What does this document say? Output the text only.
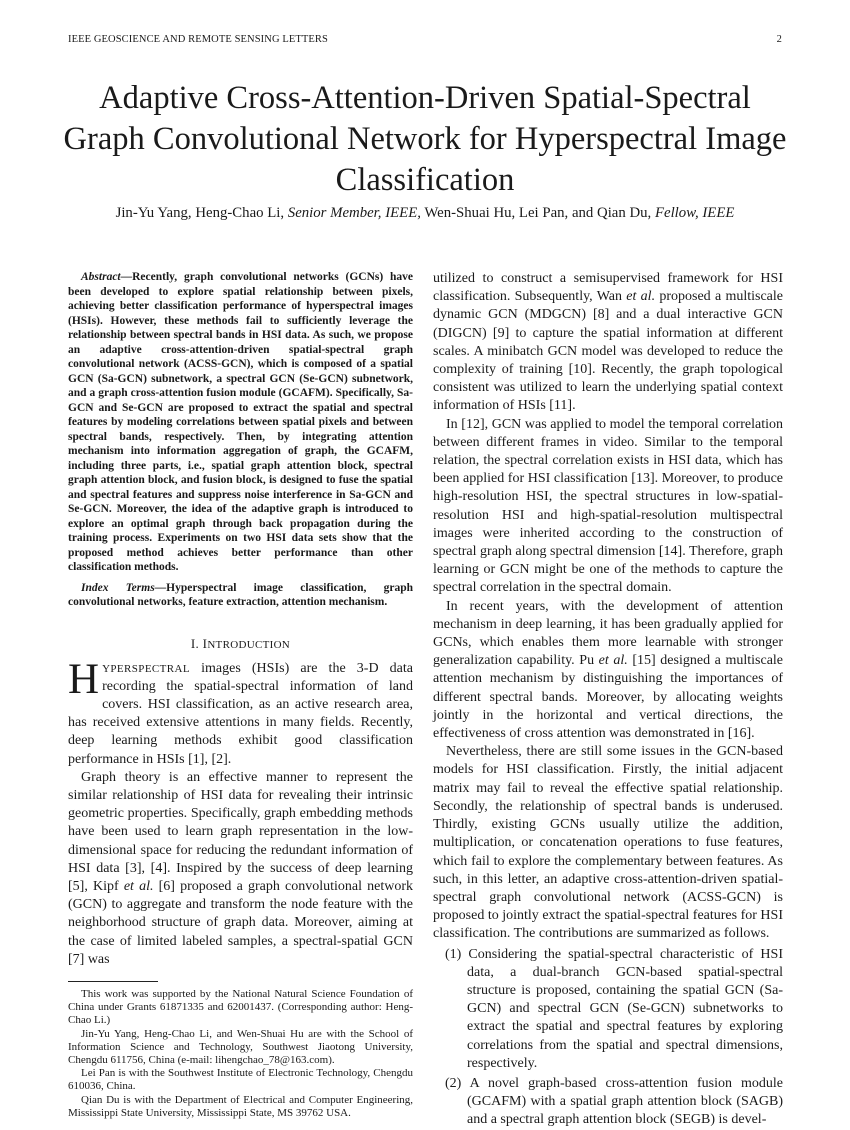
IEEE GEOSCIENCE AND REMOTE SENSING LETTERS	2
Adaptive Cross-Attention-Driven Spatial-Spectral Graph Convolutional Network for Hyperspectral Image Classification
Jin-Yu Yang, Heng-Chao Li, Senior Member, IEEE, Wen-Shuai Hu, Lei Pan, and Qian Du, Fellow, IEEE

Abstract—Recently, graph convolutional networks (GCNs) have been developed to explore spatial relationship between pixels, achieving better classification performance of hyperspectral images (HSIs). However, these methods fail to sufficiently leverage the relationship between spectral bands in HSI data. As such, we propose an adaptive cross-attention-driven spatial-spectral graph convolutional network (ACSS-GCN), which is composed of a spatial GCN (Sa-GCN) subnetwork, a spectral GCN (Se-GCN) subnetwork, and a graph cross-attention fusion module (GCAFM). Specifically, Sa-GCN and Se-GCN are proposed to extract the spatial and spectral features by modeling correlations between spatial pixels and between spectral bands, respectively. Then, by integrating attention mechanism into information aggregation of graph, the GCAFM, including three parts, i.e., spatial graph attention block, spectral graph attention block, and fusion block, is designed to fuse the spatial and spectral features and suppress noise interference in Sa-GCN and Se-GCN. Moreover, the idea of the adaptive graph is introduced to explore an optimal graph through back propagation during the training process. Experiments on two HSI data sets show that the proposed method achieves better performance than other classification methods.

Index Terms—Hyperspectral image classification, graph convolutional networks, feature extraction, attention mechanism.

I. INTRODUCTION

HYPERSPECTRAL images (HSIs) are the 3-D data recording the spatial-spectral information of land covers. HSI classification, as an active research area, has received extensive attentions in many fields. Recently, deep learning methods exhibit good classification performance in HSIs [1], [2].

Graph theory is an effective manner to represent the similar relationship of HSI data for revealing their intrinsic geometric properties. Specifically, graph embedding methods have been used to learn graph representation in the low-dimensional space for reducing the redundant information of HSI data [3], [4]. Inspired by the success of deep learning [5], Kipf et al. [6] proposed a graph convolutional network (GCN) to aggregate and transform the node feature with the neighborhood structure of graph data. Moreover, aiming at the case of limited labeled samples, a spectral-spatial GCN [7] was

This work was supported by the National Natural Science Foundation of China under Grants 61871335 and 62001437. (Corresponding author: Heng-Chao Li.)

Jin-Yu Yang, Heng-Chao Li, and Wen-Shuai Hu are with the School of Information Science and Technology, Southwest Jiaotong University, Chengdu 611756, China (e-mail: lihengchao_78@163.com).

Lei Pan is with the Southwest Institute of Electronic Technology, Chengdu 610036, China.

Qian Du is with the Department of Electrical and Computer Engineering, Mississippi State University, Mississippi State, MS 39762 USA.

utilized to construct a semisupervised framework for HSI classification. Subsequently, Wan et al. proposed a multiscale dynamic GCN (MDGCN) [8] and a dual interactive GCN (DIGCN) [9] to capture the spatial information at different scales. A minibatch GCN model was developed to reduce the complexity of training [10]. Recently, the graph topological consistent was utilized to learn the underlying spatial context information of HSIs [11].

In [12], GCN was applied to model the temporal correlation between different frames in video. Similar to the temporal relation, the spectral correlation exists in HSI data, which has been applied for HSI classification [13]. Moreover, to produce high-resolution HSI, the spectral structures in low-spatial-resolution HSI and high-spatial-resolution multispectral images were inherited according to the construction of spectral graph along spectral dimension [14]. Therefore, graph learning or GCN might be one of the methods to capture the spectral correlation in the spectral domain.

In recent years, with the development of attention mechanism in deep learning, it has been gradually applied for GCNs, which enables them more learnable with stronger generalization capability. Pu et al. [15] designed a multiscale attention mechanism by distinguishing the importances of different spectral bands. Moreover, by allocating weights jointly in the horizontal and vertical directions, the effectiveness of cross attention was demonstrated in [16].

Nevertheless, there are still some issues in the GCN-based models for HSI classification. Firstly, the initial adjacent matrix may fail to reveal the effective spatial relationship. Secondly, the relationship of spectral bands is underused. Thirdly, existing GCNs usually utilize the addition, multiplication, or concatenation operations to fuse features, which fail to explore the complementary between features. As such, in this letter, an adaptive cross-attention-driven spatial-spectral graph convolutional network (ACSS-GCN) is proposed to jointly extract the spatial-spectral features for HSI classification. The contributions are summarized as follows.

(1) Considering the spatial-spectral characteristic of HSI data, a dual-branch GCN-based spatial-spectral structure is proposed, containing the spatial GCN (Sa-GCN) and spectral GCN (Se-GCN) subnetworks to extract the spatial and spectral features by exploring correlations from the spatial and spectral dimensions, respectively.

(2) A novel graph-based cross-attention fusion module (GCAFM) with a spatial graph attention block (SAGB) and a spectral graph attention block (SEGB) is devel-
